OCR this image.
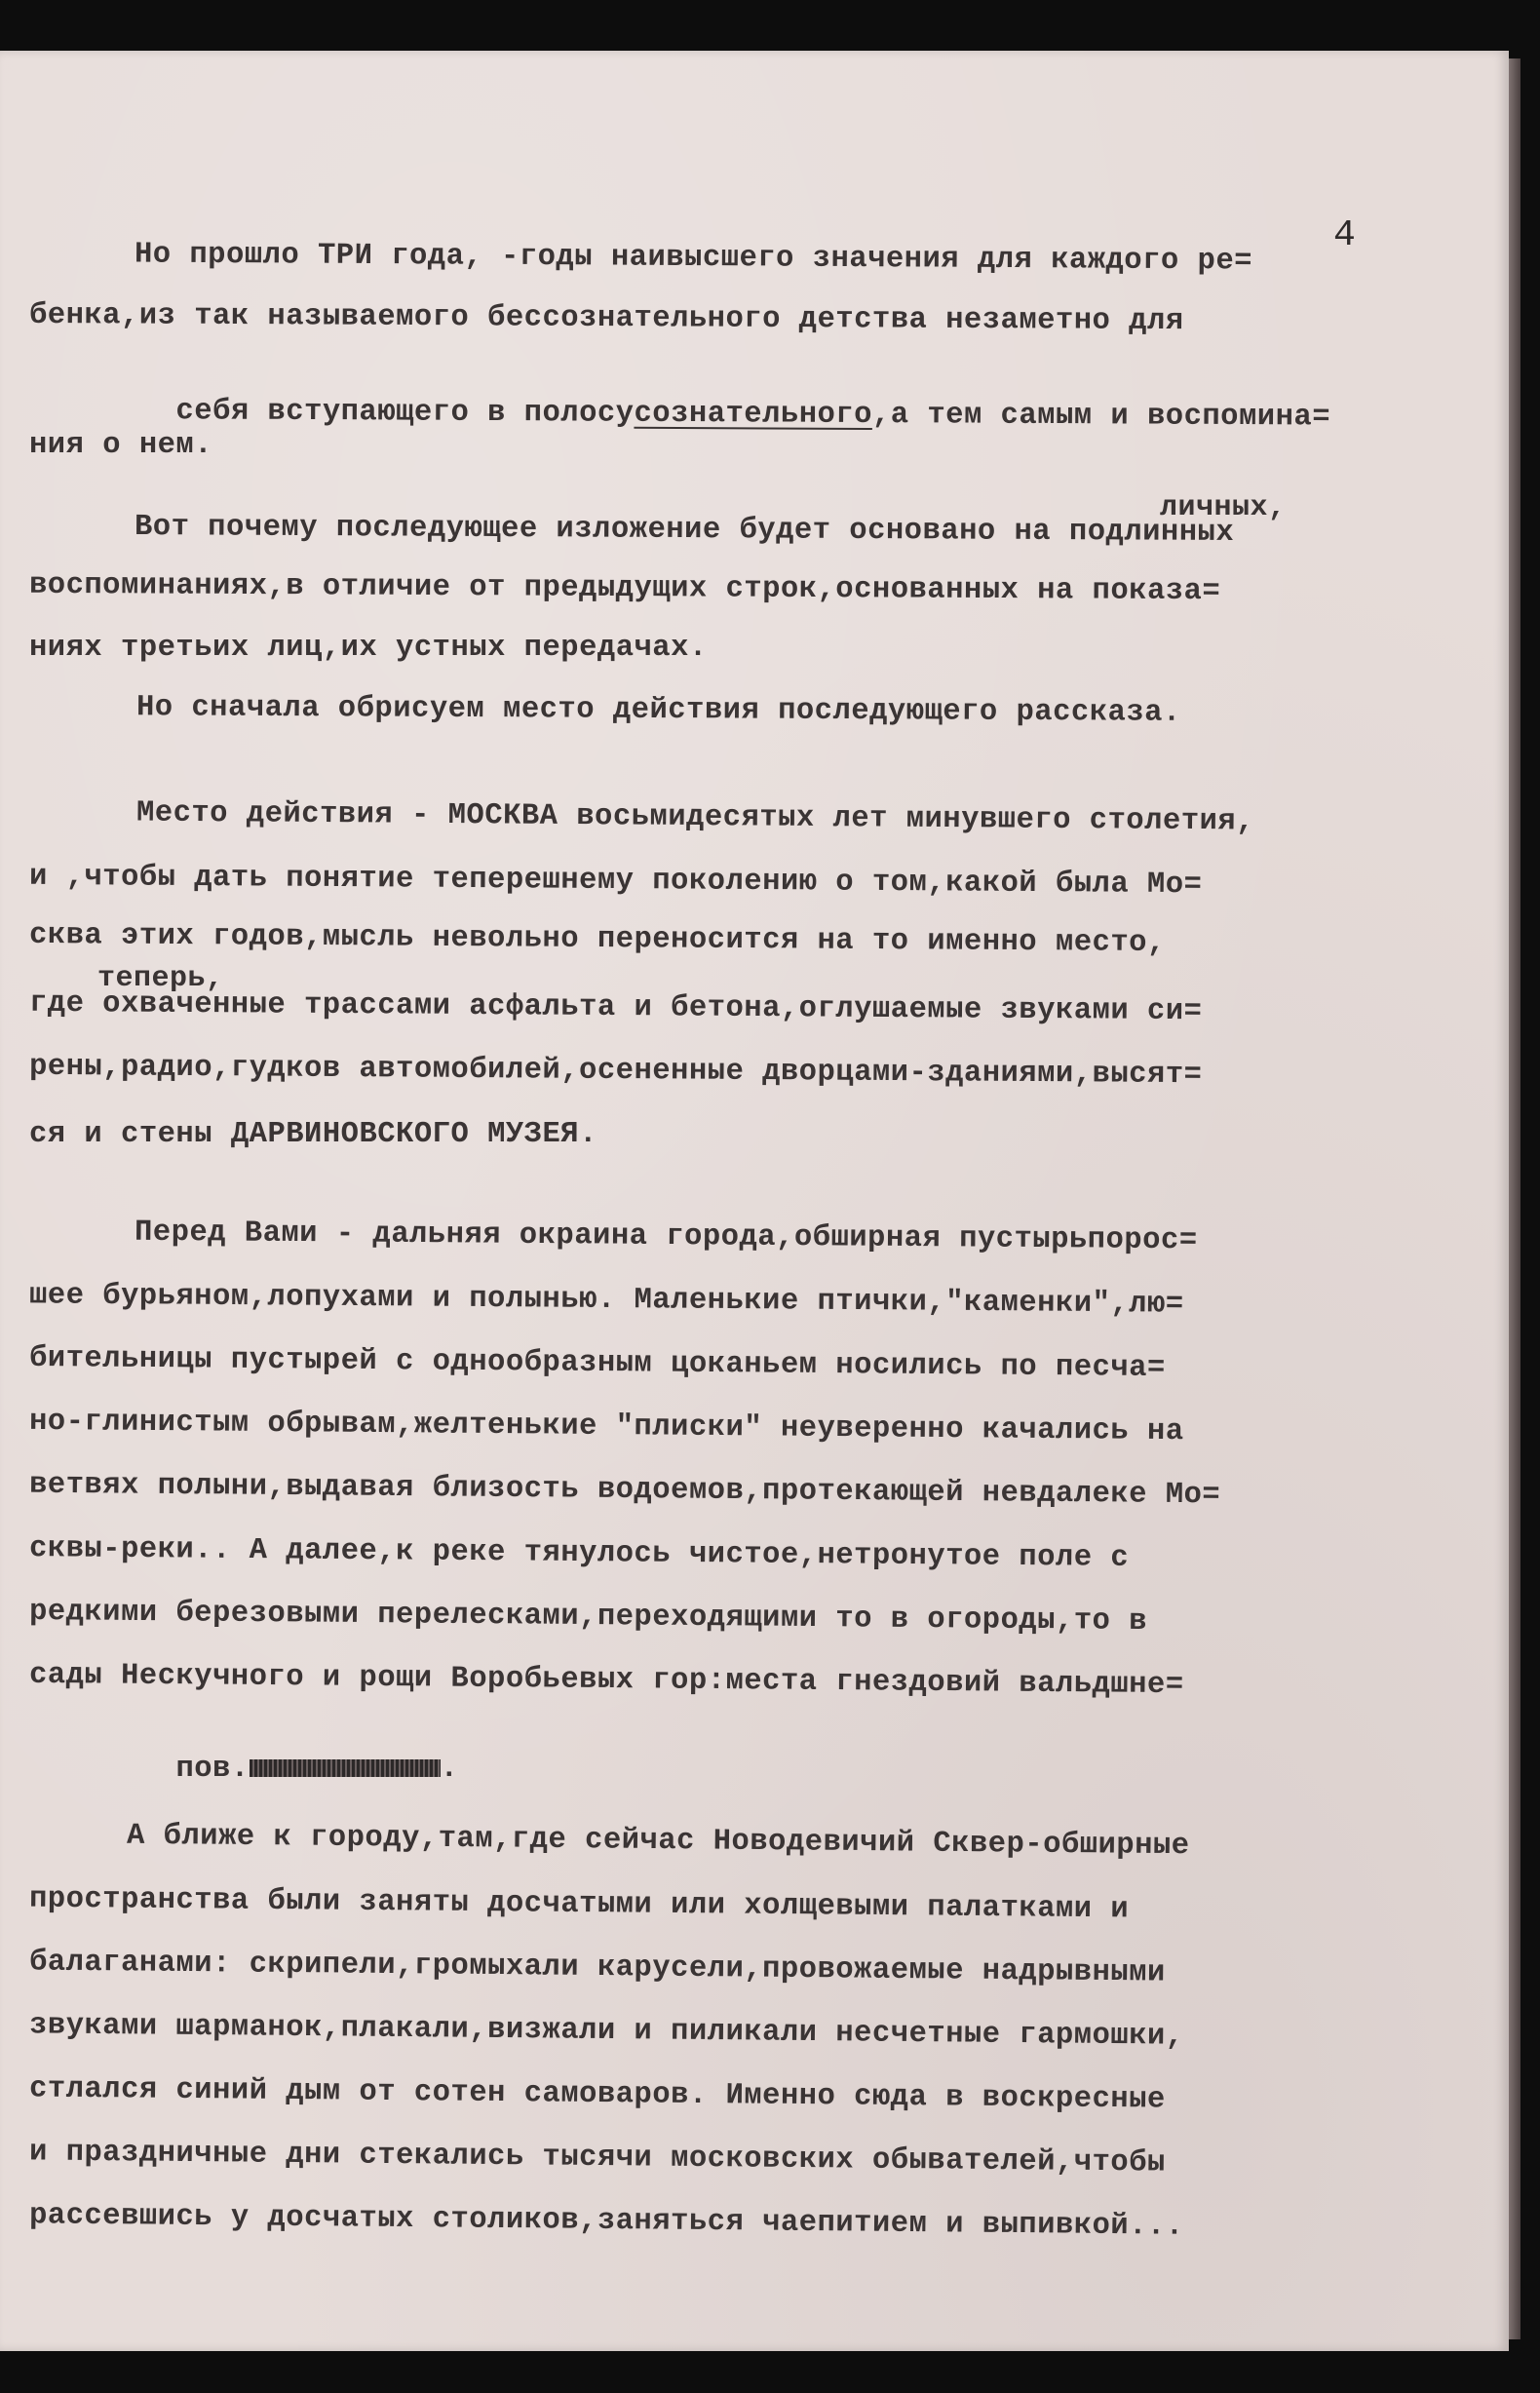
4

Но прошло ТРИ года, -годы наивысшего значения для каждого ре=

бенка,из так называемого бессознательного детства незаметно для

себя вступающего в полосусознательного,а тем самым и воспомина=

ния о нем.

личных,

Вот почему последующее изложение будет основано на подлинных

воспоминаниях,в отличие от предыдущих строк,основанных на показа=

ниях третьих лиц,их устных передачах.

Но сначала обрисуем место действия последующего рассказа.

Место действия - МОСКВА восьмидесятых лет минувшего столетия,

и ,чтобы дать понятие теперешнему поколению о том,какой была Мо=

сква этих годов,мысль невольно переносится на то именно место,

теперь,

где охваченные трассами асфальта и бетона,оглушаемые звуками си=

рены,радио,гудков автомобилей,осененные дворцами-зданиями,высят=

ся и стены ДАРВИНОВСКОГО МУЗЕЯ.

Перед Вами - дальняя окраина города,обширная пустырьпорос=

шее бурьяном,лопухами и полынью. Маленькие птички,"каменки",лю=

бительницы пустырей с однообразным цоканьем носились по песча=

но-глинистым обрывам,желтенькие "плиски" неуверенно качались на

ветвях полыни,выдавая близость водоемов,протекающей невдалеке Мо=

сквы-реки.. А далее,к реке тянулось чистое,нетронутое поле с

редкими березовыми перелесками,переходящими то в огороды,то в

сады Нескучного и рощи Воробьевых гор:места гнездовий вальдшне=

пов.	.

А ближе к городу,там,где сейчас Новодевичий Сквер-обширные

пространства были заняты досчатыми или холщевыми палатками и

балаганами: скрипели,громыхали карусели,провожаемые надрывными

звуками шарманок,плакали,визжали и пиликали несчетные гармошки,

стлался синий дым от сотен самоваров. Именно сюда в воскресные

и праздничные дни стекались тысячи московских обывателей,чтобы

рассевшись у досчатых столиков,заняться чаепитием и выпивкой...
